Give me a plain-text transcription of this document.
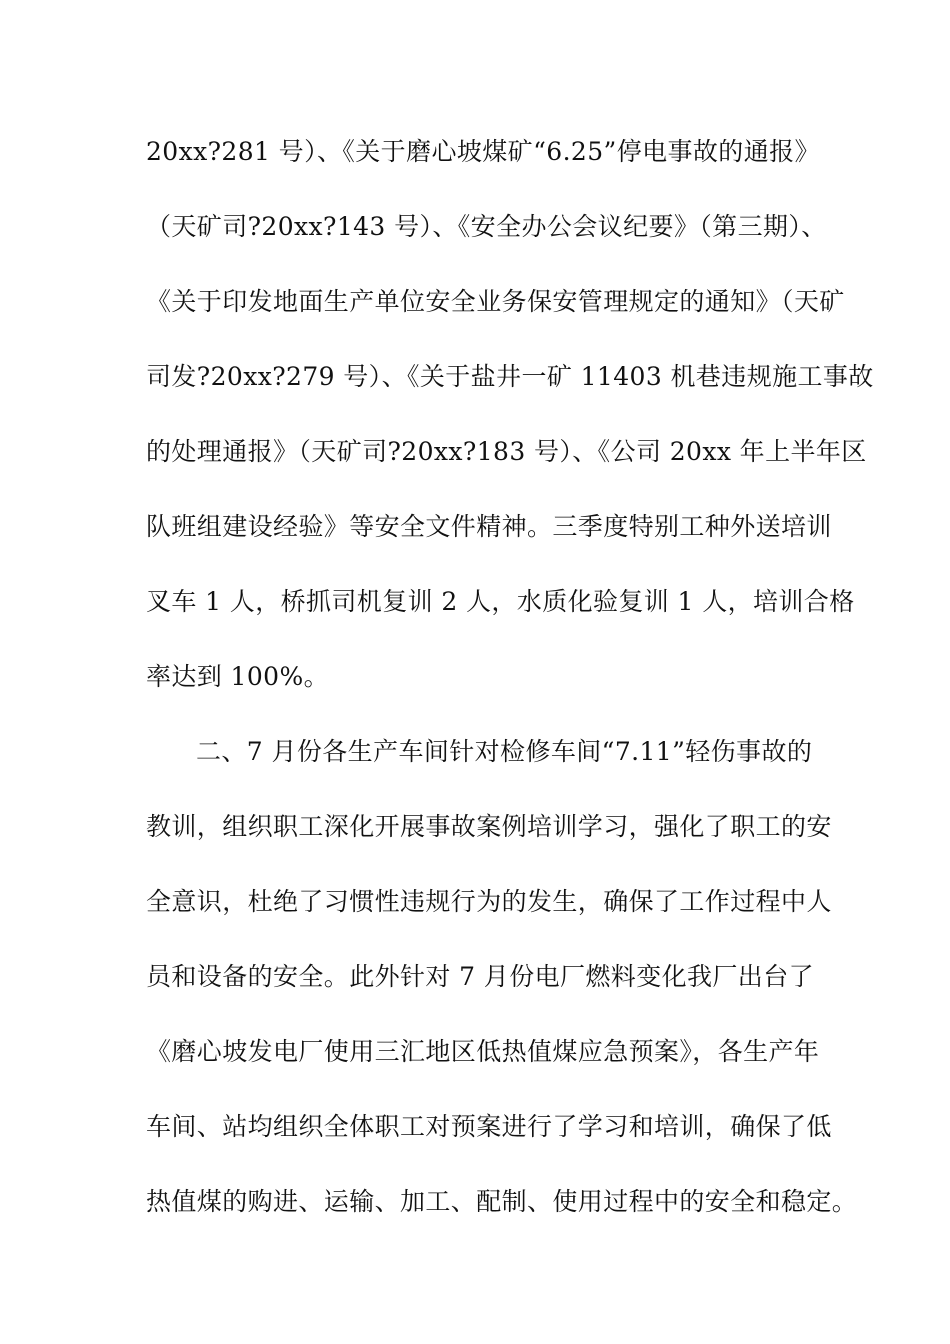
20xx?281 号）、《关于磨心坡煤矿“6.25”停电事故的通报》

（天矿司?20xx?143 号）、《安全办公会议纪要》（第三期）、

《关于印发地面生产单位安全业务保安管理规定的通知》（天矿

司发?20xx?279 号）、《关于盐井一矿 11403 机巷违规施工事故

的处理通报》（天矿司?20xx?183 号）、《公司 20xx 年上半年区

队班组建设经验》等安全文件精神。三季度特别工种外送培训

叉车 1 人，桥抓司机复训 2 人，水质化验复训 1 人，培训合格

率达到 100%。

二、7 月份各生产车间针对检修车间“7.11”轻伤事故的

教训，组织职工深化开展事故案例培训学习，强化了职工的安

全意识，杜绝了习惯性违规行为的发生，确保了工作过程中人

员和设备的安全。此外针对 7 月份电厂燃料变化我厂出台了

《磨心坡发电厂使用三汇地区低热值煤应急预案》，各生产年

车间、站均组织全体职工对预案进行了学习和培训，确保了低

热值煤的购进、运输、加工、配制、使用过程中的安全和稳定。
